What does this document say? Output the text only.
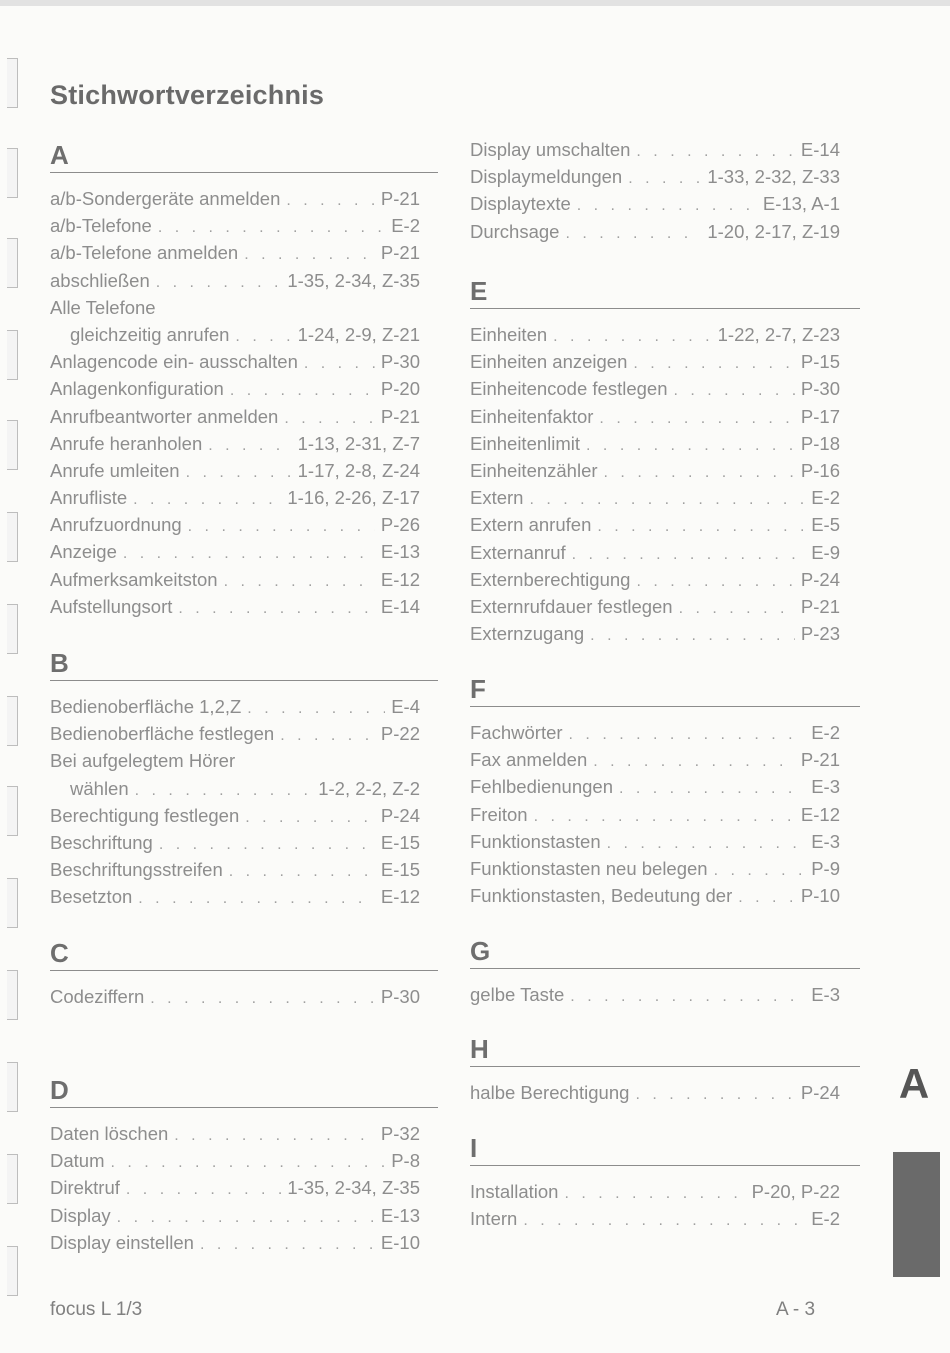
Stichwortverzeichnis
A
a/b-Sondergeräte anmelden . . .	P-21
a/b-Telefone . . .	E-2
a/b-Telefone anmelden . . .	P-21
abschließen . . .	1-35, 2-34, Z-35
Alle Telefone
gleichzeitig anrufen . . .	1-24, 2-9, Z-21
Anlagencode ein- ausschalten . . .	P-30
Anlagenkonfiguration . . .	P-20
Anrufbeantworter anmelden . . .	P-21
Anrufe heranholen . . .	1-13, 2-31, Z-7
Anrufe umleiten . . .	1-17, 2-8, Z-24
Anrufliste . . .	1-16, 2-26, Z-17
Anrufzuordnung . . .	P-26
Anzeige . . .	E-13
Aufmerksamkeitston . . .	E-12
Aufstellungsort . . .	E-14
B
Bedienoberfläche 1,2,Z . . .	E-4
Bedienoberfläche festlegen . . .	P-22
Bei aufgelegtem Hörer
wählen . . .	1-2, 2-2, Z-2
Berechtigung festlegen . . .	P-24
Beschriftung . . .	E-15
Beschriftungsstreifen . . .	E-15
Besetzton . . .	E-12
C
Codeziffern . . .	P-30
D
Daten löschen . . .	P-32
Datum . . .	P-8
Direktruf . . .	1-35, 2-34, Z-35
Display . . .	E-13
Display einstellen . . .	E-10
Display umschalten . . .	E-14
Displaymeldungen . . .	1-33, 2-32, Z-33
Displaytexte . . .	E-13, A-1
Durchsage . . .	1-20, 2-17, Z-19
E
Einheiten . . .	1-22, 2-7, Z-23
Einheiten anzeigen . . .	P-15
Einheitencode festlegen . . .	P-30
Einheitenfaktor . . .	P-17
Einheitenlimit . . .	P-18
Einheitenzähler . . .	P-16
Extern . . .	E-2
Extern anrufen . . .	E-5
Externanruf . . .	E-9
Externberechtigung . . .	P-24
Externrufdauer festlegen . . .	P-21
Externzugang . . .	P-23
F
Fachwörter . . .	E-2
Fax anmelden . . .	P-21
Fehlbedienungen . . .	E-3
Freiton . . .	E-12
Funktionstasten . . .	E-3
Funktionstasten neu belegen . . .	P-9
Funktionstasten, Bedeutung der . . .	P-10
G
gelbe Taste . . .	E-3
H
halbe Berechtigung . . .	P-24
I
Installation . . .	P-20, P-22
Intern . . .	E-2
A
focus L 1/3	A - 3
